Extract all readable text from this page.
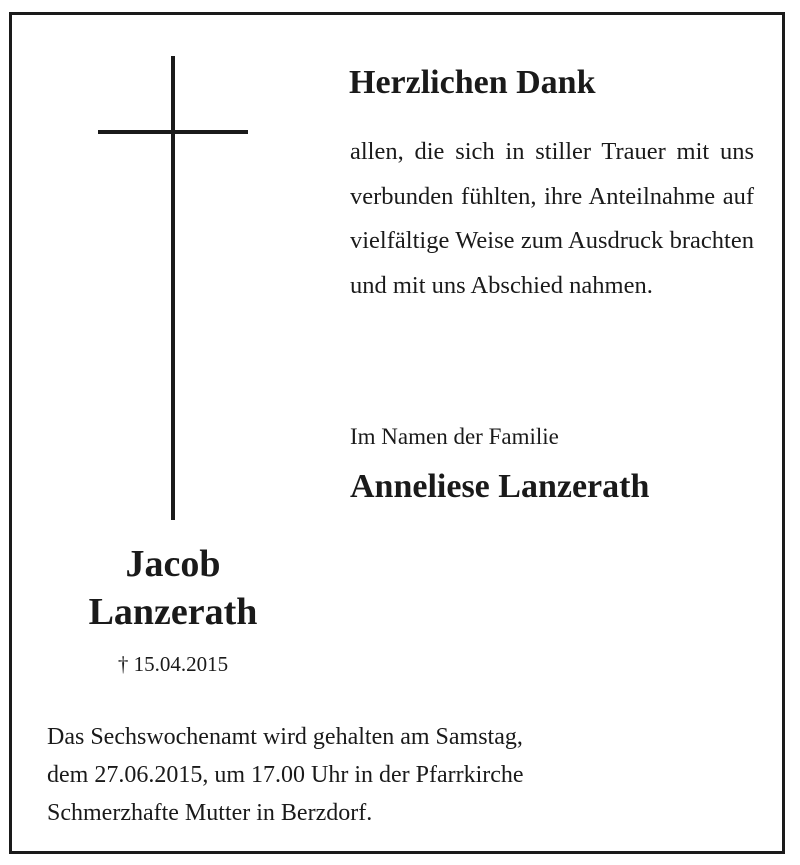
Herzlichen Dank

allen, die sich in stiller Trauer mit uns verbunden fühlten, ihre Anteilnahme auf vielfältige Weise zum Ausdruck brachten und mit uns Abschied nahmen.

Im Namen der Familie

Anneliese Lanzerath

Jacob
Lanzerath
† 15.04.2015

Das Sechswochenamt wird gehalten am Samstag,
dem 27.06.2015, um 17.00 Uhr in der Pfarrkirche
Schmerzhafte Mutter in Berzdorf.
